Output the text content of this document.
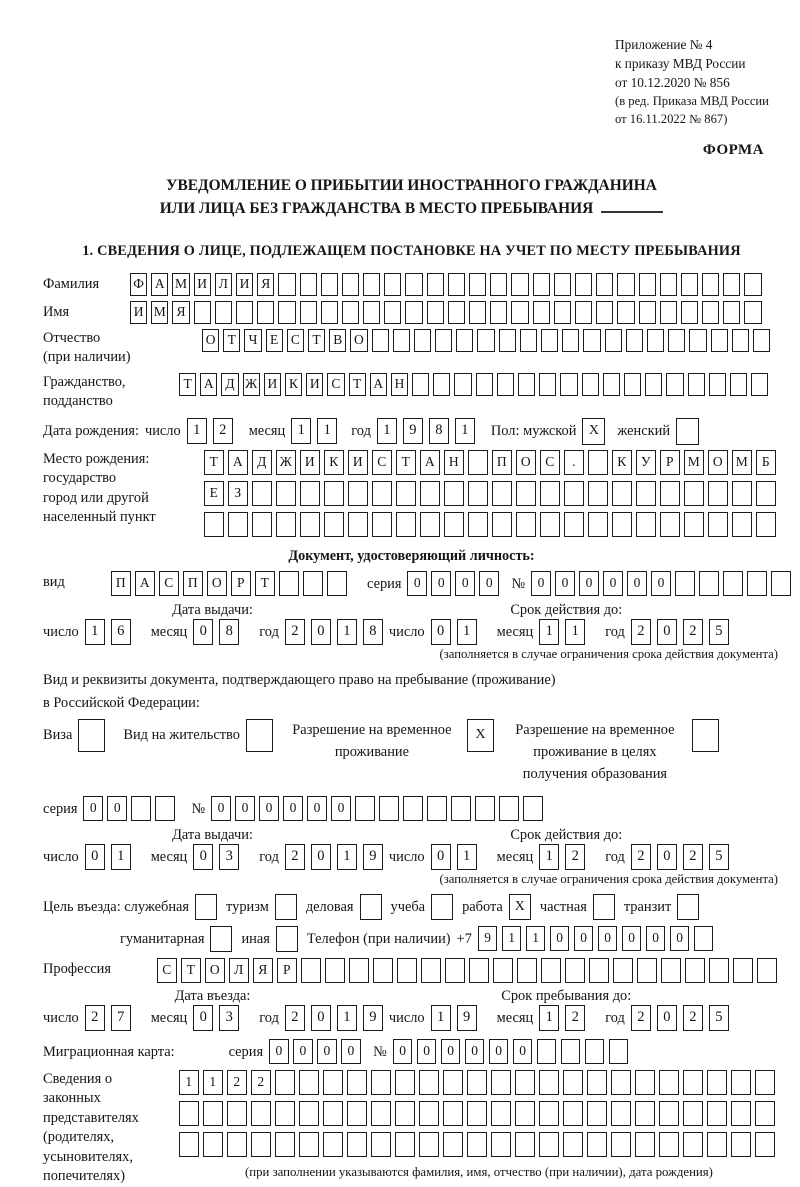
Приложение № 4
к приказу МВД России
от 10.12.2020 № 856
(в ред. Приказа МВД России
от 16.11.2022 № 867)
ФОРМА
УВЕДОМЛЕНИЕ О ПРИБЫТИИ ИНОСТРАННОГО ГРАЖДАНИНА
ИЛИ ЛИЦА БЕЗ ГРАЖДАНСТВА В МЕСТО ПРЕБЫВАНИЯ
1. СВЕДЕНИЯ О ЛИЦЕ, ПОДЛЕЖАЩЕМ ПОСТАНОВКЕ НА УЧЕТ ПО МЕСТУ ПРЕБЫВАНИЯ
Фамилия	Ф А М И Л И Я
Имя	И М Я
Отчество
(при наличии)
О Т Ч Е С Т В О
Гражданство,
подданство
Т А Д Ж И К И С Т А Н
Дата рождения: число 1	2	месяц 1	1	год 1	9	8	1	Пол: мужской X	женский
Место рождения:
государство
город или другой
населенный пункт
Т	А	Д Ж И	К	И	С	Т	А	Н	П	О	С	.	К	У	Р	М О М	Б
Е	З
Документ, удостоверяющий личность:
вид	П	А	С	П	О	Р	Т	серия 0	0	0	0	№ 0	0	0	0	0	0
Дата выдачи:	Срок действия до:
число 1	6	месяц 0	8	год 2	0	1	8 число 0	1	месяц 1	1	год 2	0	2	5
(заполняется в случае ограничения срока действия документа)
Вид и реквизиты документа, подтверждающего право на пребывание (проживание)
в Российской Федерации:
Виза	Вид на жительство	Разрешение на временное проживание
X	Разрешение на временное проживание в целях получения образования
серия 0	0	№ 0	0	0	0	0	0
Дата выдачи:	Срок действия до:
число 0	1	месяц 0	3	год 2	0	1	9 число 0	1	месяц 1	2	год 2	0	2	5
(заполняется в случае ограничения срока действия документа)
Цель въезда: служебная	туризм	деловая	учеба	работа X	частная	транзит
гуманитарная	иная	Телефон (при наличии) +7 9	1	1	0	0	0	0	0	0
Профессия	С	Т	О	Л	Я	Р
Дата въезда:	Срок пребывания до:
число 2	7	месяц 0	3	год 2	0	1	9 число 1	9	месяц 1	2	год 2	0	2	5
Миграционная карта:	серия 0	0	0	0	№ 0	0	0	0	0	0
Сведения о
законных
представителях
(родителях,
усыновителях,
попечителях)
1	1	2	2
(при заполнении указываются фамилия, имя, отчество (при наличии), дата рождения)
